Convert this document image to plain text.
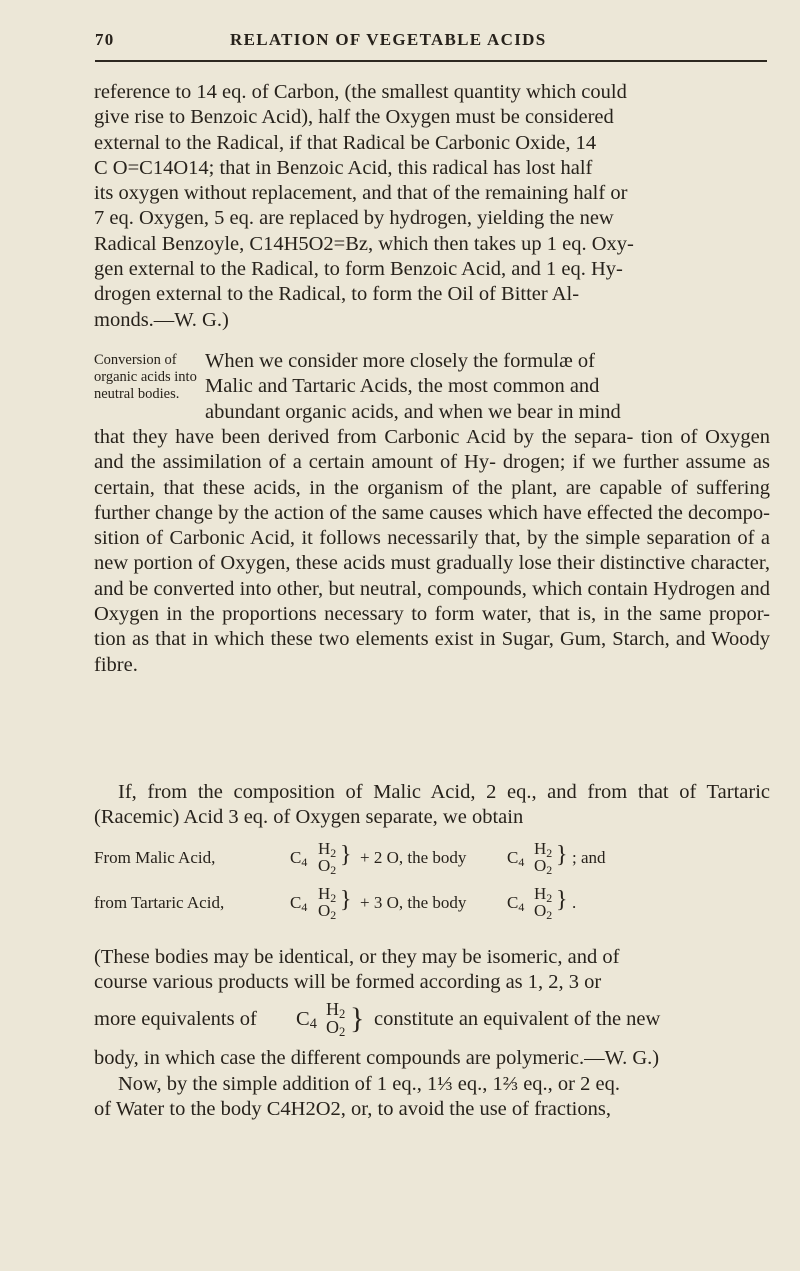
70	RELATION OF VEGETABLE ACIDS

reference to 14 eq. of Carbon, (the smallest quantity which could

give rise to Benzoic Acid), half the Oxygen must be considered

external to the Radical, if that Radical be Carbonic Oxide, 14

C O=C14O14; that in Benzoic Acid, this radical has lost half

its oxygen without replacement, and that of the remaining half or

7 eq. Oxygen, 5 eq. are replaced by hydrogen, yielding the new

Radical Benzoyle, C14H5O2=Bz, which then takes up 1 eq. Oxy-

gen external to the Radical, to form Benzoic Acid, and 1 eq. Hy-

drogen external to the Radical, to form the Oil of Bitter Al-

monds.—W. G.)

Conversion of organic acids into neutral bodies.

When we consider more closely the formulæ of

Malic and Tartaric Acids, the most common and

abundant organic acids, and when we bear in mind

that they have been derived from Carbonic Acid by the separa- tion of Oxygen and the assimilation of a certain amount of Hy- drogen; if we further assume as certain, that these acids, in the organism of the plant, are capable of suffering further change by the action of the same causes which have effected the decompo- sition of Carbonic Acid, it follows necessarily that, by the simple separation of a new portion of Oxygen, these acids must gradually lose their distinctive character, and be converted into other, but neutral, compounds, which contain Hydrogen and Oxygen in the proportions necessary to form water, that is, in the same propor- tion as that in which these two elements exist in Sugar, Gum, Starch, and Woody fibre.

If, from the composition of Malic Acid, 2 eq., and from that of Tartaric (Racemic) Acid 3 eq. of Oxygen separate, we obtain

From Malic Acid,	$C_4$
$H_2$
$O_2$
} + 2 O, the body $C_4$
$H_2$
$O_2$
} ; and
from Tartaric Acid,	$C_4$
$H_2$
$O_2$
} + 3 O, the body $C_4$
$H_2$
$O_2$
} .

(These bodies may be identical, or they may be isomeric, and of

course various products will be formed according as 1, 2, 3 or

more equivalents of $C_4$
$H_2$
$O_2$ } constitute an equivalent of the new

body, in which case the different compounds are polymeric.—W. G.)

Now, by the simple addition of 1 eq., 1⅓ eq., 1⅔ eq., or 2 eq.

of Water to the body C4H2O2, or, to avoid the use of fractions,
